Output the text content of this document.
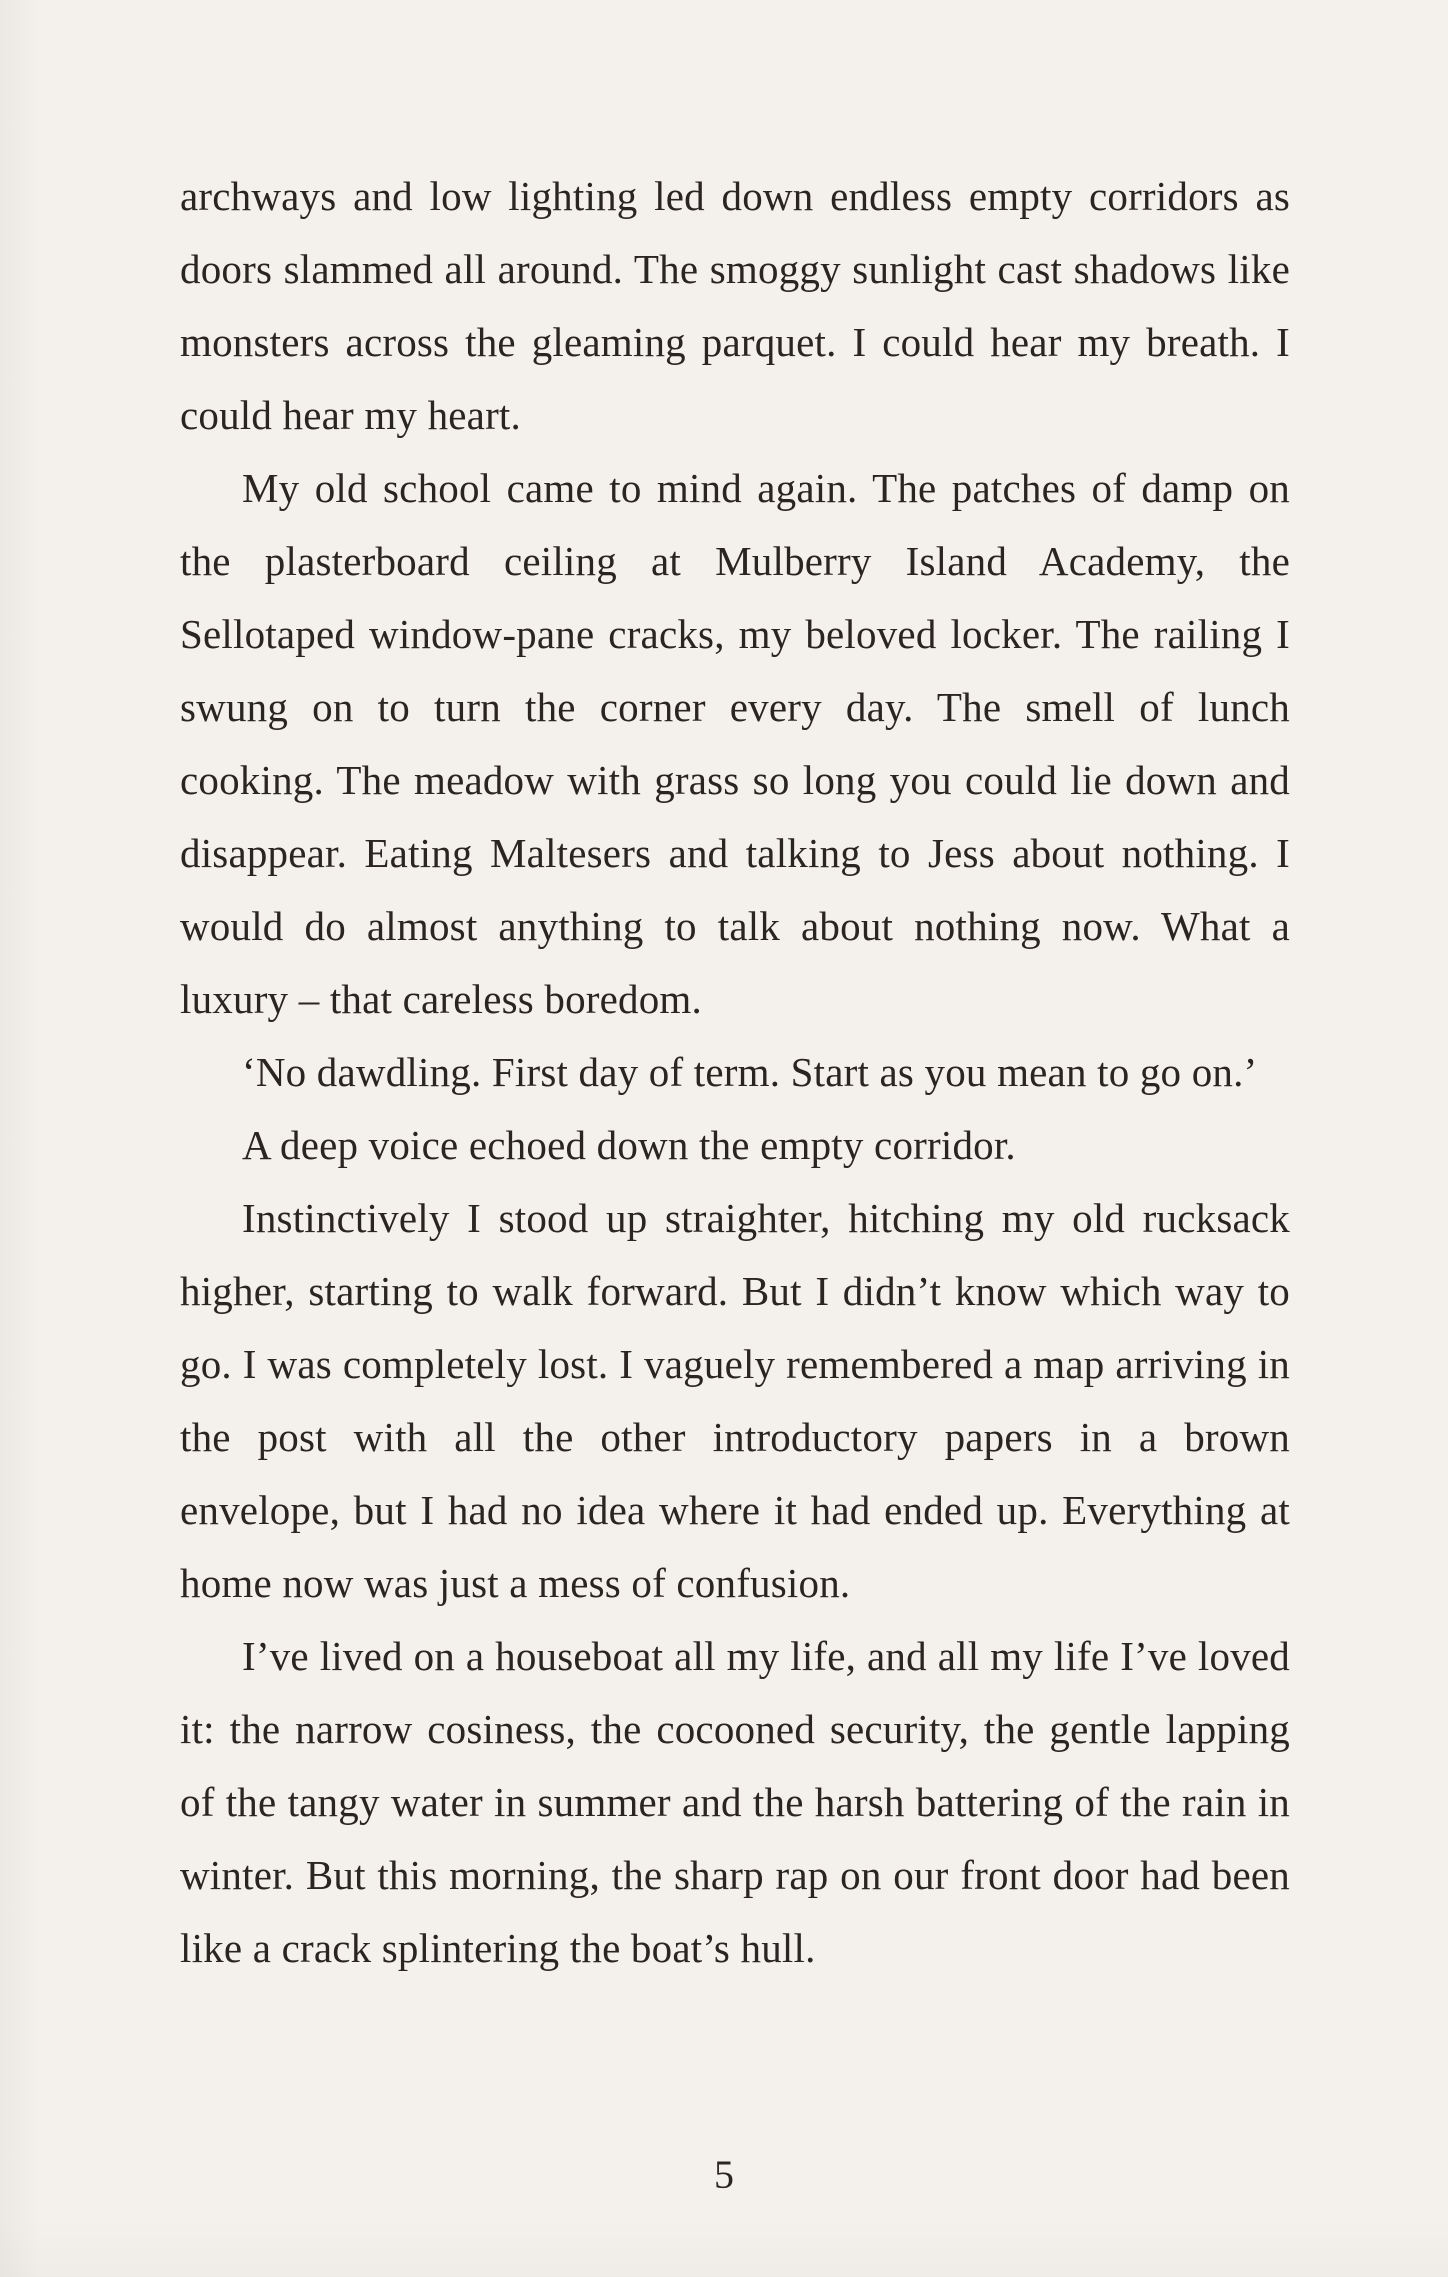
archways and low lighting led down endless empty corridors as doors slammed all around. The smoggy sunlight cast shadows like monsters across the gleaming parquet. I could hear my breath. I could hear my heart.

My old school came to mind again. The patches of damp on the plasterboard ceiling at Mulberry Island Academy, the Sellotaped window-pane cracks, my beloved locker. The railing I swung on to turn the corner every day. The smell of lunch cooking. The meadow with grass so long you could lie down and disappear. Eating Maltesers and talking to Jess about nothing. I would do almost anything to talk about nothing now. What a luxury – that careless boredom.

‘No dawdling. First day of term. Start as you mean to go on.’

A deep voice echoed down the empty corridor.

Instinctively I stood up straighter, hitching my old rucksack higher, starting to walk forward. But I didn’t know which way to go. I was completely lost. I vaguely remembered a map arriving in the post with all the other introductory papers in a brown envelope, but I had no idea where it had ended up. Everything at home now was just a mess of confusion.

I’ve lived on a houseboat all my life, and all my life I’ve loved it: the narrow cosiness, the cocooned security, the gentle lapping of the tangy water in summer and the harsh battering of the rain in winter. But this morning, the sharp rap on our front door had been like a crack splintering the boat’s hull.

5
